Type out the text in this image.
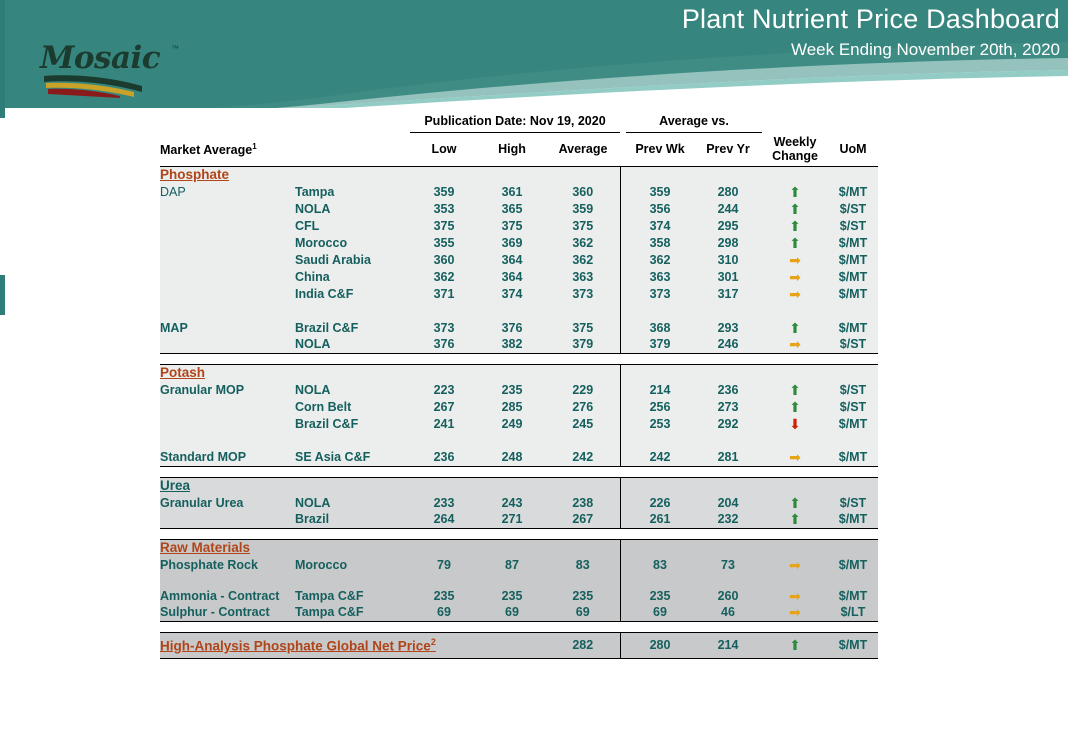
Plant Nutrient Price Dashboard
Week Ending November 20th, 2020
Mosaic ™
		Publication Date: Nov 19, 2020				Average vs.			
Market Average$^1$		Low	High	Average		Prev Wk	Prev Yr	Weekly
Change	UoM
Phosphate									
DAP	Tampa	359	361	360		359	280	⬆	$/MT
	NOLA	353	365	359		356	244	⬆	$/ST
	CFL	375	375	375		374	295	⬆	$/ST
	Morocco	355	369	362		358	298	⬆	$/MT
	Saudi Arabia	360	364	362		362	310	➡	$/MT
	China	362	364	363		363	301	➡	$/MT
	India C&F	371	374	373		373	317	➡	$/MT

MAP	Brazil C&F	373	376	375		368	293	⬆	$/MT
	NOLA	376	382	379		379	246	➡	$/ST

Potash									
Granular MOP	NOLA	223	235	229		214	236	⬆	$/ST
	Corn Belt	267	285	276		256	273	⬆	$/ST
	Brazil C&F	241	249	245		253	292	⬇	$/MT

Standard MOP	SE Asia C&F	236	248	242		242	281	➡	$/MT

Urea									
Granular Urea	NOLA	233	243	238		226	204	⬆	$/ST
	Brazil	264	271	267		261	232	⬆	$/MT

Raw Materials									
Phosphate Rock	Morocco	79	87	83		83	73	➡	$/MT

Ammonia - Contract	Tampa C&F	235	235	235		235	260	➡	$/MT
Sulphur - Contract	Tampa C&F	69	69	69		69	46	➡	$/LT

High-Analysis Phosphate Global Net Price$^2$				282		280	214	⬆	$/MT
